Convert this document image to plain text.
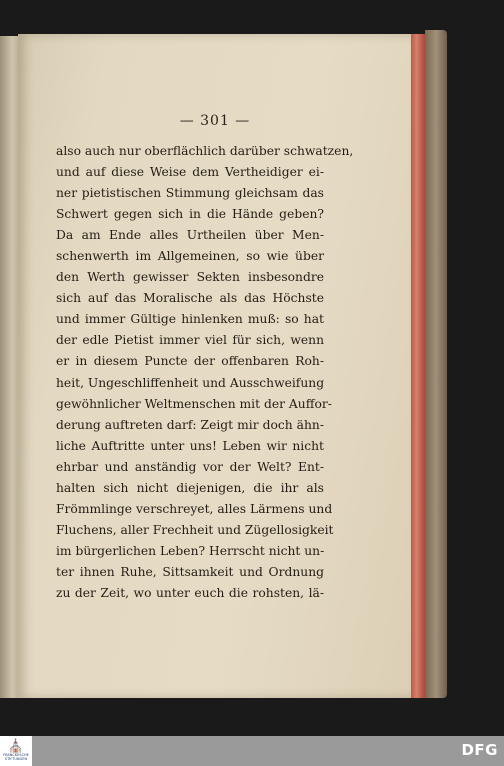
— 301 —
also auch nur oberflächlich darüber schwatzen,
und auf diese Weise dem Vertheidiger ei-
ner pietistischen Stimmung gleichsam das
Schwert gegen sich in die Hände geben?
Da am Ende alles Urtheilen über Men-
schenwerth im Allgemeinen, so wie über
den Werth gewisser Sekten insbesondre
sich auf das Moralische als das Höchste
und immer Gültige hinlenken muß: so hat
der edle Pietist immer viel für sich, wenn
er in diesem Puncte der offenbaren Roh-
heit, Ungeschliffenheit und Ausschweifung
gewöhnlicher Weltmenschen mit der Auffor-
derung auftreten darf: Zeigt mir doch ähn-
liche Auftritte unter uns! Leben wir nicht
ehrbar und anständig vor der Welt? Ent-
halten sich nicht diejenigen, die ihr als
Frömmlinge verschreyet, alles Lärmens und
Fluchens, aller Frechheit und Zügellosigkeit
im bürgerlichen Leben? Herrscht nicht un-
ter ihnen Ruhe, Sittsamkeit und Ordnung
zu der Zeit, wo unter euch die rohsten, lä-
⛪
FRANCKESCHE STIFTUNGEN	DFG
